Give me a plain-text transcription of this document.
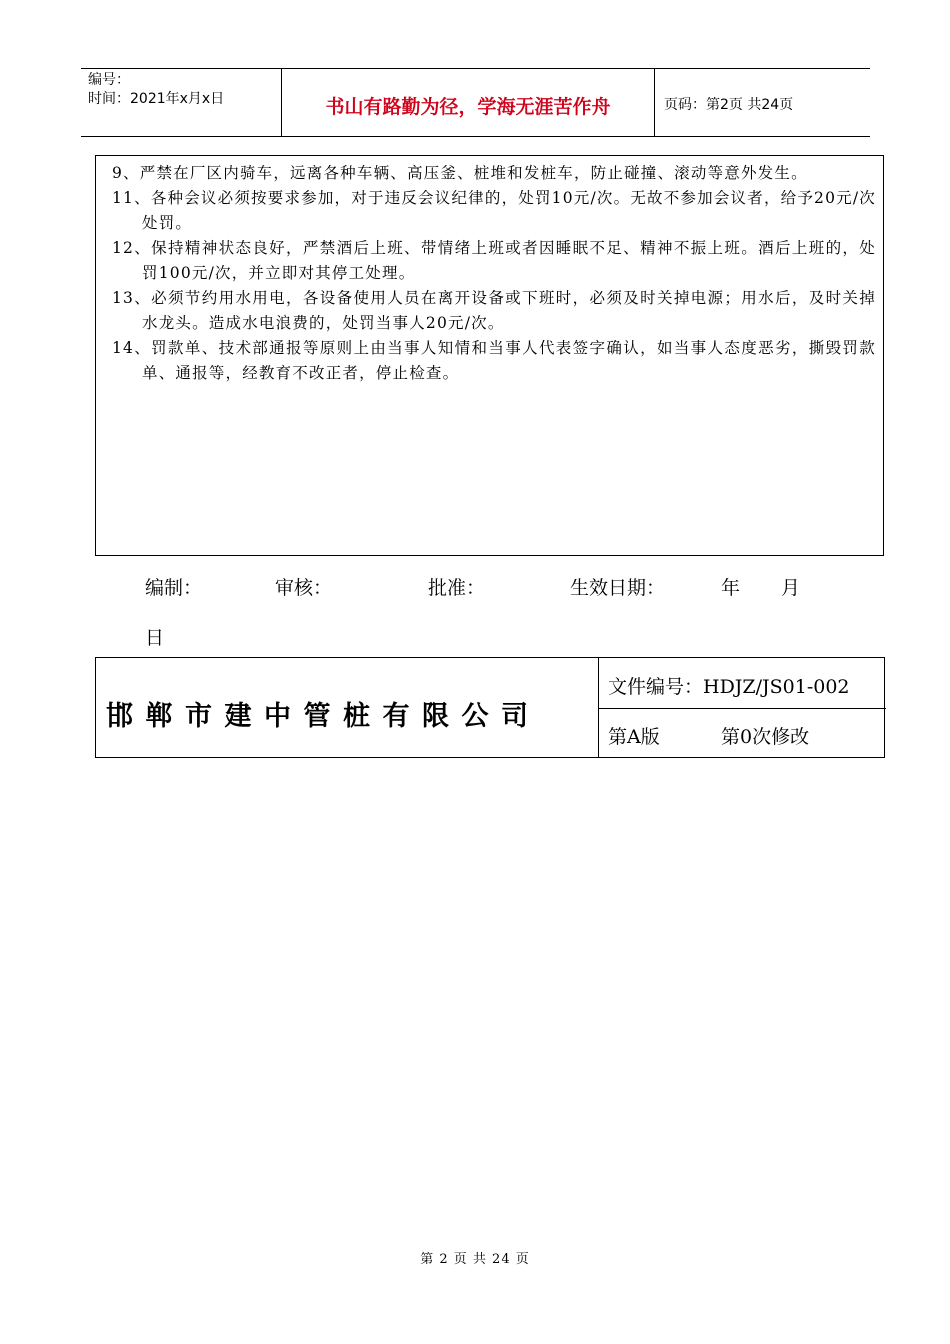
编号：
时间：2021年x月x日	书山有路勤为径，学海无涯苦作舟	页码：第2页 共24页
9、严禁在厂区内骑车，远离各种车辆、高压釜、桩堆和发桩车，防止碰撞、滚动等意外发生。
11、各种会议必须按要求参加，对于违反会议纪律的，处罚10元/次。无故不参加会议者，给予20元/次处罚。
12、保持精神状态良好，严禁酒后上班、带情绪上班或者因睡眠不足、精神不振上班。酒后上班的，处罚100元/次，并立即对其停工处理。
13、必须节约用水用电，各设备使用人员在离开设备或下班时，必须及时关掉电源；用水后，及时关掉水龙头。造成水电浪费的，处罚当事人20元/次。
14、罚款单、技术部通报等原则上由当事人知情和当事人代表签字确认，如当事人态度恶劣，撕毁罚款单、通报等，经教育不改正者，停止检查。
编制：	审核：	批准：	生效日期：	年 月
日
邯郸市建中管桩有限公司
文件编号：HDJZ/JS01-002
第A版	第0次修改
第 2 页 共 24 页
